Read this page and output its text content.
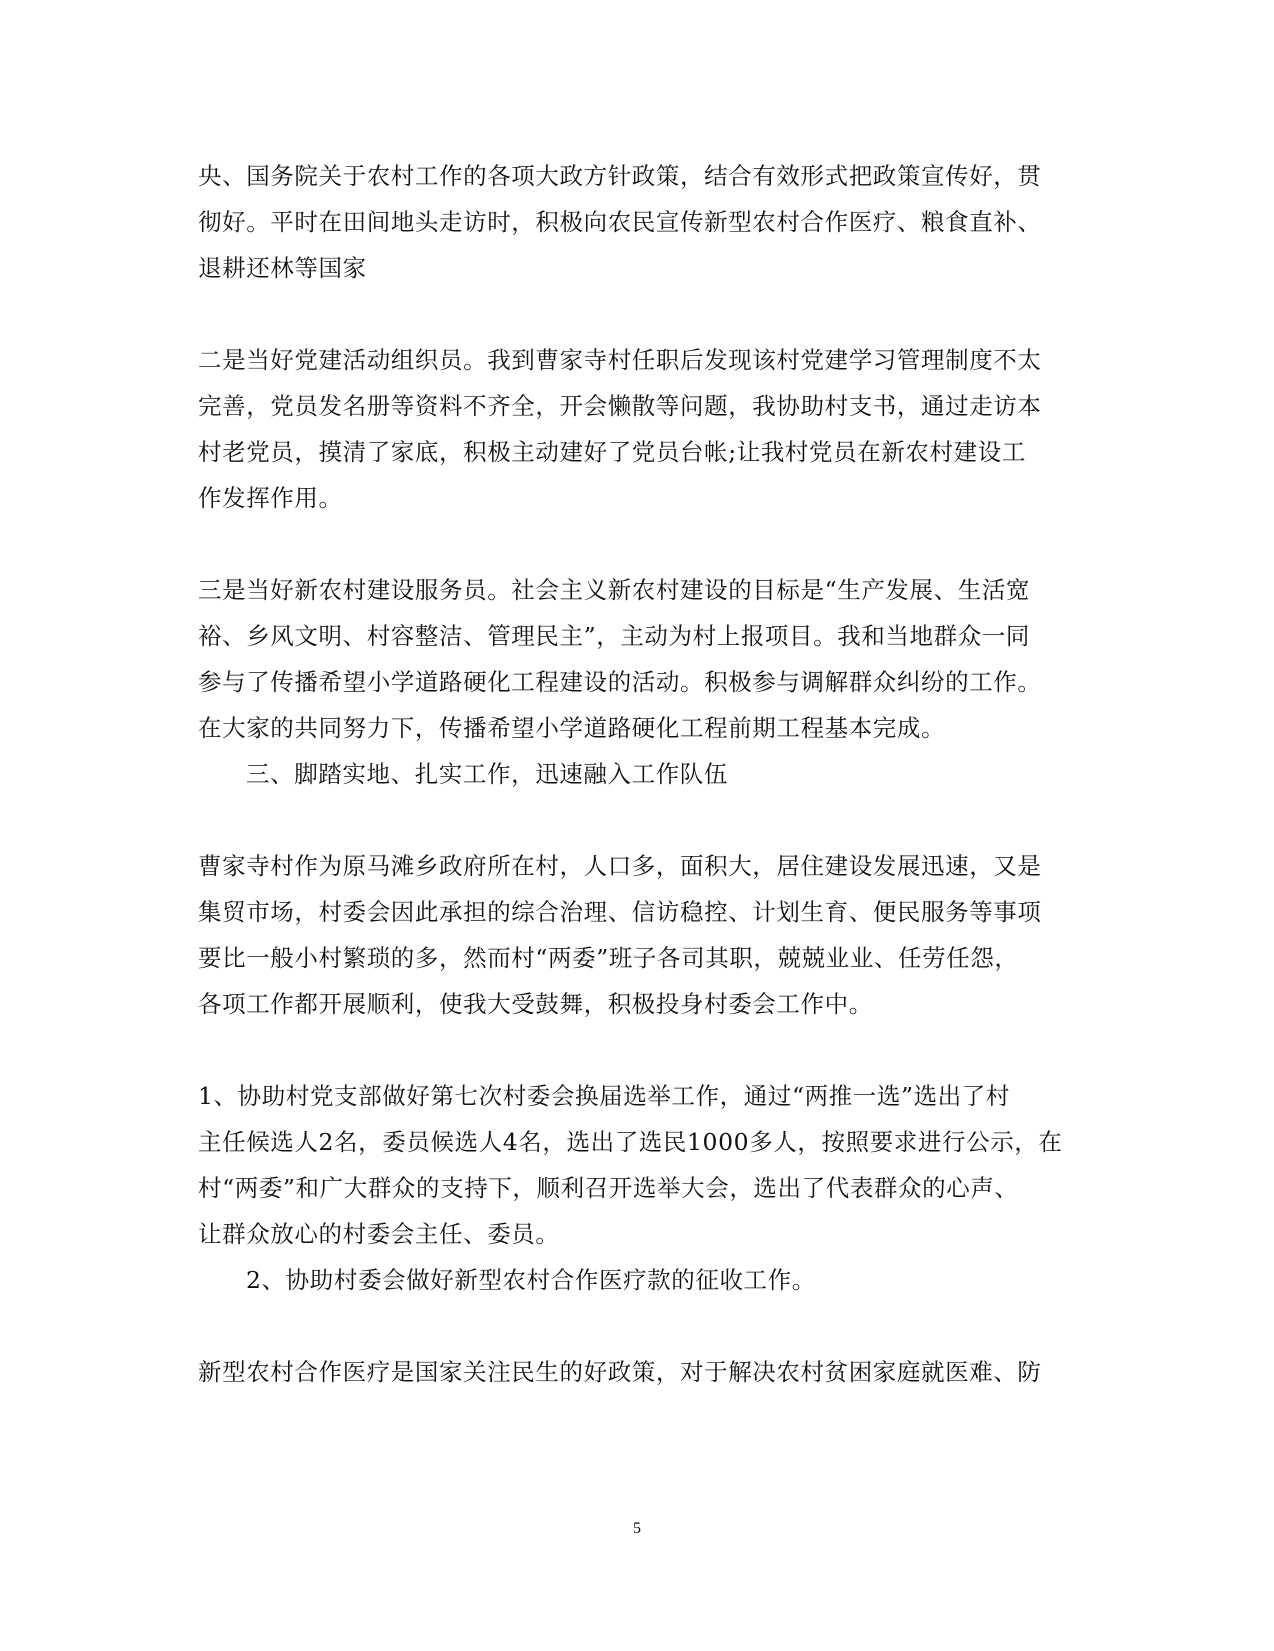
央、国务院关于农村工作的各项大政方针政策，结合有效形式把政策宣传好，贯
彻好。平时在田间地头走访时，积极向农民宣传新型农村合作医疗、粮食直补、
退耕还林等国家
二是当好党建活动组织员。我到曹家寺村任职后发现该村党建学习管理制度不太
完善，党员发名册等资料不齐全，开会懒散等问题，我协助村支书，通过走访本
村老党员，摸清了家底，积极主动建好了党员台帐;让我村党员在新农村建设工
作发挥作用。
三是当好新农村建设服务员。社会主义新农村建设的目标是“生产发展、生活宽
裕、乡风文明、村容整洁、管理民主”，主动为村上报项目。我和当地群众一同
参与了传播希望小学道路硬化工程建设的活动。积极参与调解群众纠纷的工作。
在大家的共同努力下，传播希望小学道路硬化工程前期工程基本完成。
三、脚踏实地、扎实工作，迅速融入工作队伍
曹家寺村作为原马滩乡政府所在村，人口多，面积大，居住建设发展迅速，又是
集贸市场，村委会因此承担的综合治理、信访稳控、计划生育、便民服务等事项
要比一般小村繁琐的多，然而村“两委”班子各司其职，兢兢业业、任劳任怨，
各项工作都开展顺利，使我大受鼓舞，积极投身村委会工作中。
1、协助村党支部做好第七次村委会换届选举工作，通过“两推一选”选出了村
主任候选人2名，委员候选人4名，选出了选民1000多人，按照要求进行公示，在
村“两委”和广大群众的支持下，顺利召开选举大会，选出了代表群众的心声、
让群众放心的村委会主任、委员。
2、协助村委会做好新型农村合作医疗款的征收工作。
新型农村合作医疗是国家关注民生的好政策，对于解决农村贫困家庭就医难、防
5
